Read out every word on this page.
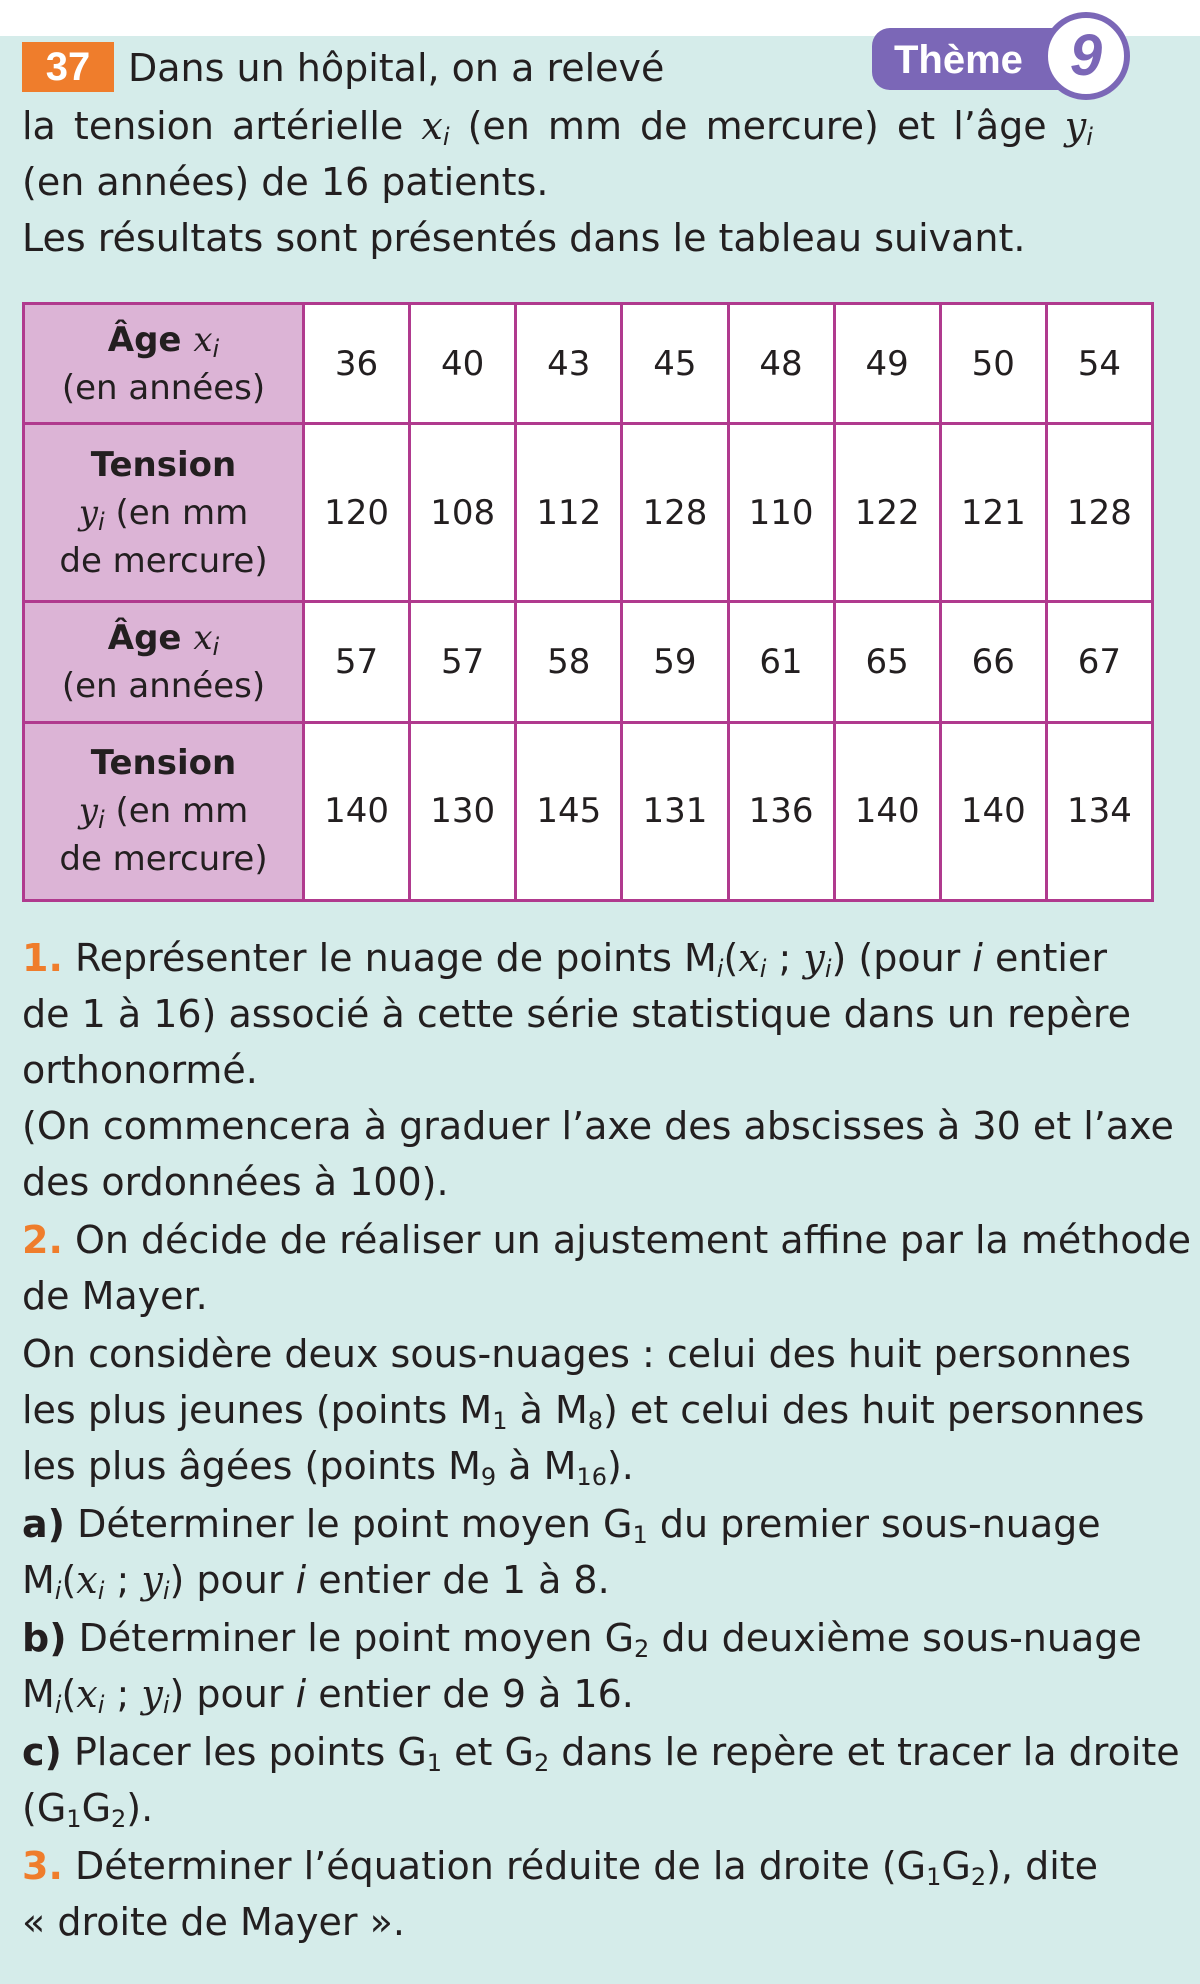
Thème 9
37 Dans un hôpital, on a relevé
la tension artérielle $x_i$ (en mm de mercure) et l’âge $y_i$
(en années) de 16 patients.
Les résultats sont présentés dans le tableau suivant.
Âge $x_i$
(en années)	36	40	43	45	48	49	50	54
Tension
$y_i$ (en mm
de mercure)	120	108	112	128	110	122	121	128
Âge $x_i$
(en années)	57	57	58	59	61	65	66	67
Tension
$y_i$ (en mm
de mercure)	140	130	145	131	136	140	140	134
1. Représenter le nuage de points $M_i(x_i$ ; $y_i$) (pour i entier
de 1 à 16) associé à cette série statistique dans un repère
orthonormé.
(On commencera à graduer l’axe des abscisses à 30 et l’axe
des ordonnées à 100).
2. On décide de réaliser un ajustement affine par la méthode
de Mayer.
On considère deux sous-nuages : celui des huit personnes
les plus jeunes (points $M_1$ à $M_8$) et celui des huit personnes
les plus âgées (points $M_9$ à $M_{16}$).
a) Déterminer le point moyen $G_1$ du premier sous-nuage
$M_i(x_i$ ; $y_i$) pour i entier de 1 à 8.
b) Déterminer le point moyen $G_2$ du deuxième sous-nuage
$M_i(x_i$ ; $y_i$) pour i entier de 9 à 16.
c) Placer les points $G_1$ et $G_2$ dans le repère et tracer la droite
$(G_1G_2)$.
3. Déterminer l’équation réduite de la droite $(G_1G_2)$, dite
« droite de Mayer ».
